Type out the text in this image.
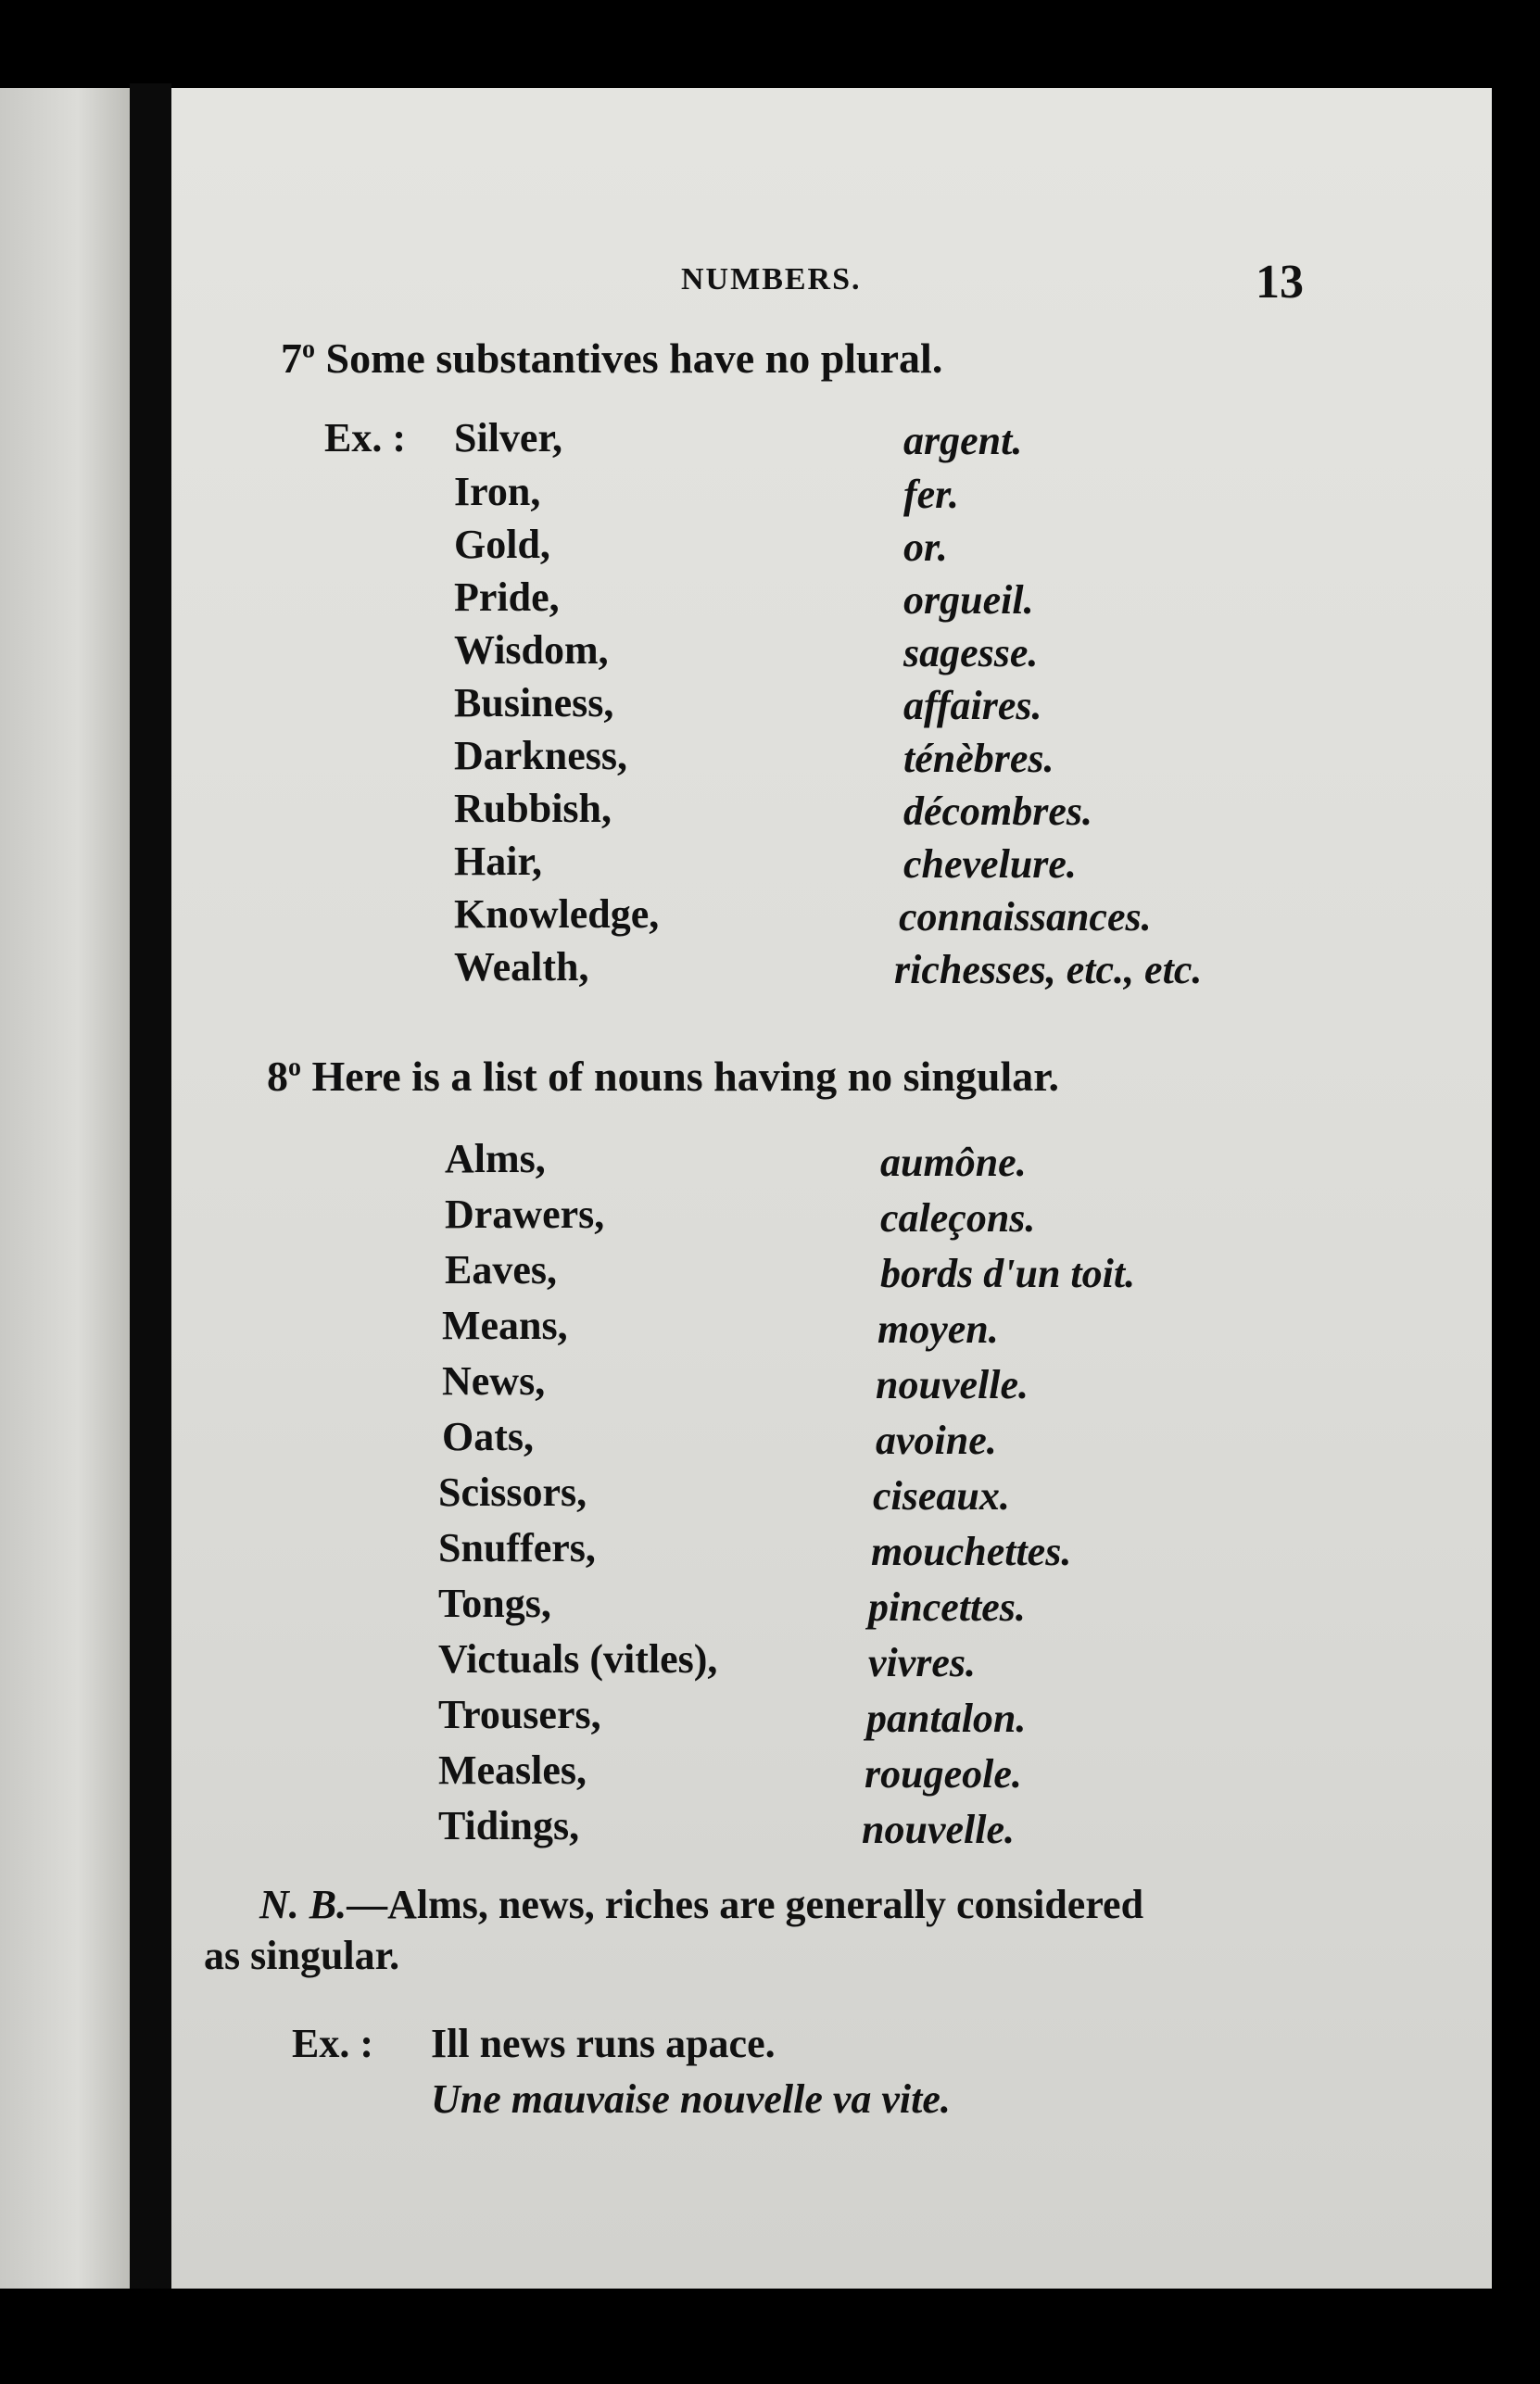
NUMBERS.	13
7$^o$ Some substantives have no plural.
Ex. : Silver,	argent.
Iron,	fer.
Gold,	or.
Pride,	orgueil.
Wisdom,	sagesse.
Business,	affaires.
Darkness,	ténèbres.
Rubbish,	décombres.
Hair,	chevelure.
Knowledge,	connaissances.
Wealth,	richesses, etc., etc.
8$^o$ Here is a list of nouns having no singular.
Alms,	aumône.
Drawers,	caleçons.
Eaves,	bords d'un toit.
Means,	moyen.
News,	nouvelle.
Oats,	avoine.
Scissors,	ciseaux.
Snuffers,	mouchettes.
Tongs,	pincettes.
Victuals (vitles),	vivres.
Trousers,	pantalon.
Measles,	rougeole.
Tidings,	nouvelle.
N. B.—Alms, news, riches are generally considered
as singular.
Ex. : Ill news runs apace.
Une mauvaise nouvelle va vite.
